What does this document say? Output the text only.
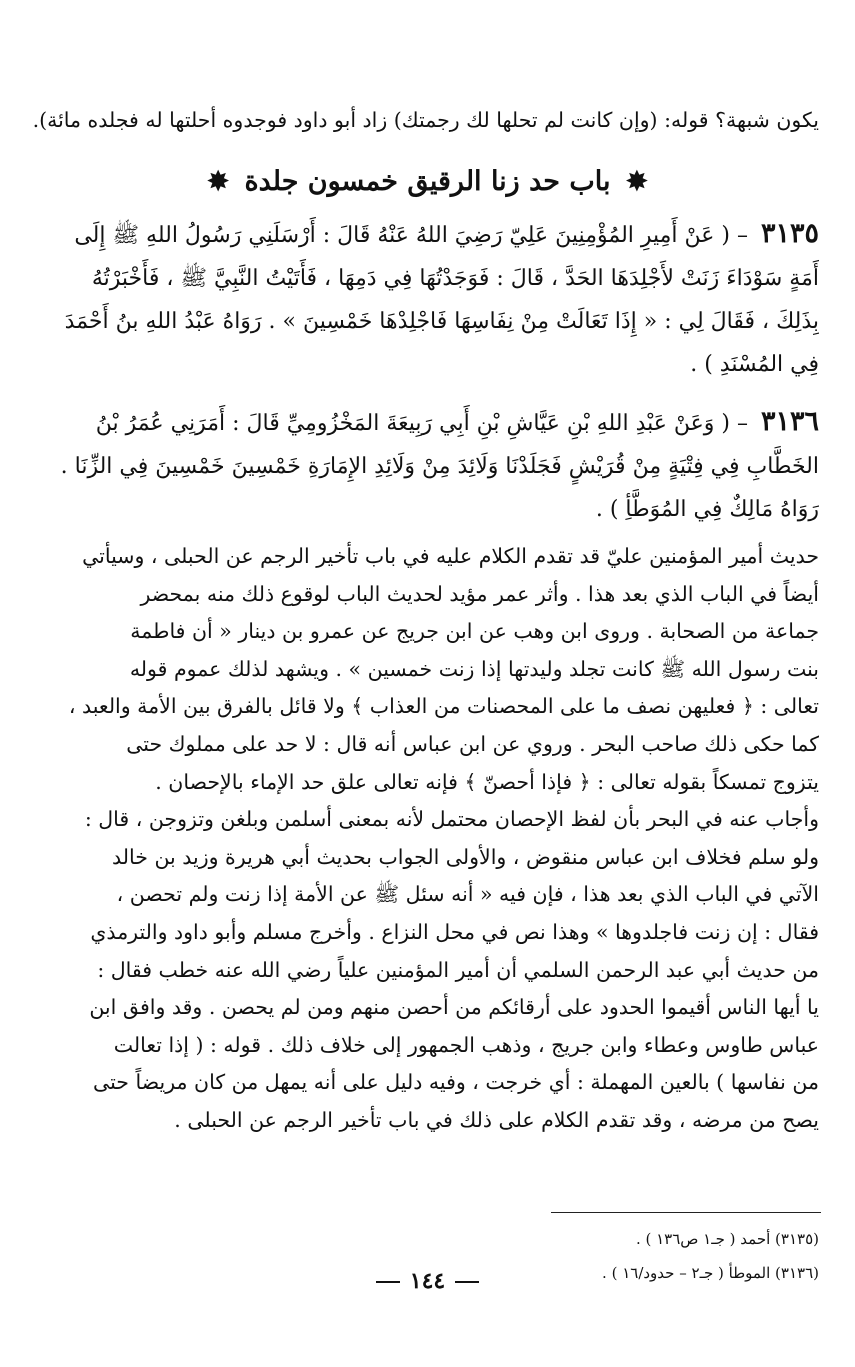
يكون شبهة؟ قوله: (وإن كانت لم تحلها لك رجمتك) زاد أبو داود فوجدوه أحلتها له فجلده مائة).
✸ باب حد زنا الرقيق خمسون جلدة ✸
٣١٣٥ – ( عَنْ أَمِيرِ المُؤْمِنِينَ عَلِيّ رَضِيَ اللهُ عَنْهُ قَالَ : أَرْسَلَنِي رَسُولُ اللهِ ﷺ إِلَى
أَمَةٍ سَوْدَاءَ زَنَتْ لأَجْلِدَهَا الحَدَّ ، قَالَ : فَوَجَدْتُهَا فِي دَمِهَا ، فَأَتَيْتُ النَّبِيَّ ﷺ ، فَأَخْبَرْتُهُ
بِذَلِكَ ، فَقَالَ لِي : « إِذَا تَعَالَتْ مِنْ نِفَاسِهَا فَاجْلِدْهَا خَمْسِينَ » . رَوَاهُ عَبْدُ اللهِ بنُ أَحْمَدَ
فِي المُسْنَدِ ) .
٣١٣٦ – ( وَعَنْ عَبْدِ اللهِ بْنِ عَيَّاشِ بْنِ أَبِي رَبِيعَةَ المَخْزُومِيِّ قَالَ : أَمَرَنِي عُمَرُ بْنُ
الخَطَّابِ فِي فِتْيَةٍ مِنْ قُرَيْشٍ فَجَلَدْنَا وَلَائِدَ مِنْ وَلَائِدِ الإِمَارَةِ خَمْسِينَ خَمْسِينَ فِي الزِّنَا .
رَوَاهُ مَالِكٌ فِي المُوَطَّأِ ) .
حديث أمير المؤمنين عليّ قد تقدم الكلام عليه في باب تأخير الرجم عن الحبلى ، وسيأتي
أيضاً في الباب الذي بعد هذا . وأثر عمر مؤيد لحديث الباب لوقوع ذلك منه بمحضر
جماعة من الصحابة . وروى ابن وهب عن ابن جريج عن عمرو بن دينار « أن فاطمة
بنت رسول الله ﷺ كانت تجلد وليدتها إذا زنت خمسين » . ويشهد لذلك عموم قوله
تعالى : ﴿ فعليهن نصف ما على المحصنات من العذاب ﴾ ولا قائل بالفرق بين الأمة والعبد ،
كما حكى ذلك صاحب البحر . وروي عن ابن عباس أنه قال : لا حد على مملوك حتى
يتزوج تمسكاً بقوله تعالى : ﴿ فإذا أحصنّ ﴾ فإنه تعالى علق حد الإماء بالإحصان .
وأجاب عنه في البحر بأن لفظ الإحصان محتمل لأنه بمعنى أسلمن وبلغن وتزوجن ، قال :
ولو سلم فخلاف ابن عباس منقوض ، والأولى الجواب بحديث أبي هريرة وزيد بن خالد
الآتي في الباب الذي بعد هذا ، فإن فيه « أنه سئل ﷺ عن الأمة إذا زنت ولم تحصن ،
فقال : إن زنت فاجلدوها » وهذا نص في محل النزاع . وأخرج مسلم وأبو داود والترمذي
من حديث أبي عبد الرحمن السلمي أن أمير المؤمنين علياً رضي الله عنه خطب فقال :
يا أيها الناس أقيموا الحدود على أرقائكم من أحصن منهم ومن لم يحصن . وقد وافق ابن
عباس طاوس وعطاء وابن جريج ، وذهب الجمهور إلى خلاف ذلك . قوله : ( إذا تعالت
من نفاسها ) بالعين المهملة : أي خرجت ، وفيه دليل على أنه يمهل من كان مريضاً حتى
يصح من مرضه ، وقد تقدم الكلام على ذلك في باب تأخير الرجم عن الحبلى .
(٣١٣٥) أحمد ( جـ١ ص١٣٦ ) .
(٣١٣٦) الموطأ ( جـ٢ – حدود/١٦ ) .
١٤٤
